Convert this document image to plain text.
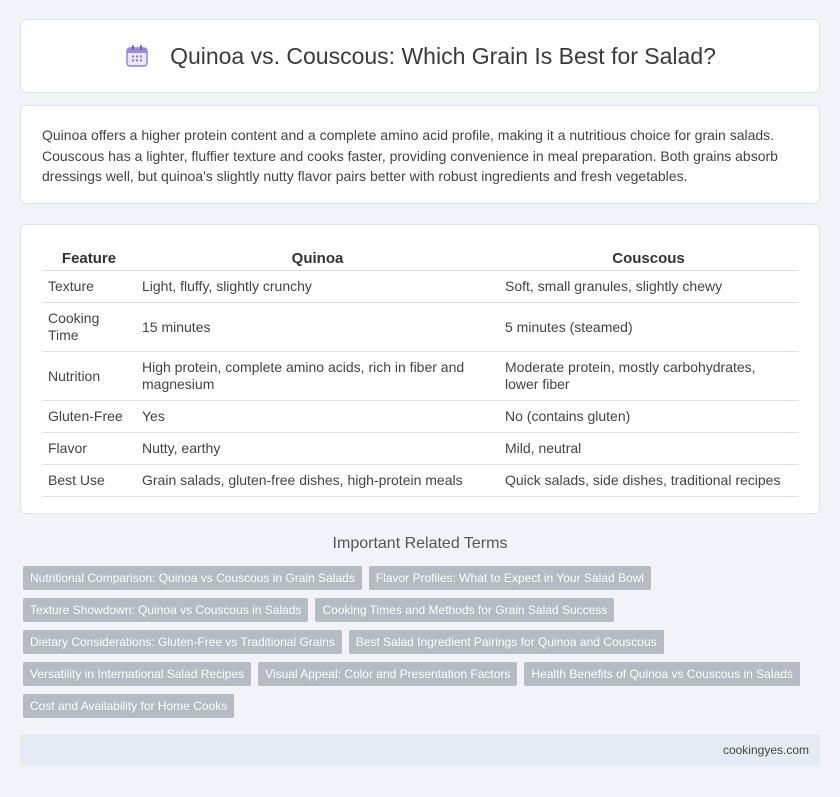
Quinoa vs. Couscous: Which Grain Is Best for Salad?

Quinoa offers a higher protein content and a complete amino acid profile, making it a nutritious choice for grain salads. Couscous has a lighter, fluffier texture and cooks faster, providing convenience in meal preparation. Both grains absorb dressings well, but quinoa's slightly nutty flavor pairs better with robust ingredients and fresh vegetables.

Feature	Quinoa	Couscous
Texture	Light, fluffy, slightly crunchy	Soft, small granules, slightly chewy
Cooking Time	15 minutes	5 minutes (steamed)
Nutrition	High protein, complete amino acids, rich in fiber and magnesium	Moderate protein, mostly carbohydrates, lower fiber
Gluten-Free	Yes	No (contains gluten)
Flavor	Nutty, earthy	Mild, neutral
Best Use	Grain salads, gluten-free dishes, high-protein meals	Quick salads, side dishes, traditional recipes
Important Related Terms
Nutritional Comparison: Quinoa vs Couscous in Grain Salads	Flavor Profiles: What to Expect in Your Salad Bowl
Texture Showdown: Quinoa vs Couscous in Salads	Cooking Times and Methods for Grain Salad Success
Dietary Considerations: Gluten-Free vs Traditional Grains	Best Salad Ingredient Pairings for Quinoa and Couscous
Versatility in International Salad Recipes	Visual Appeal: Color and Presentation Factors	Health Benefits of Quinoa vs Couscous in Salads
Cost and Availability for Home Cooks
cookingyes.com
